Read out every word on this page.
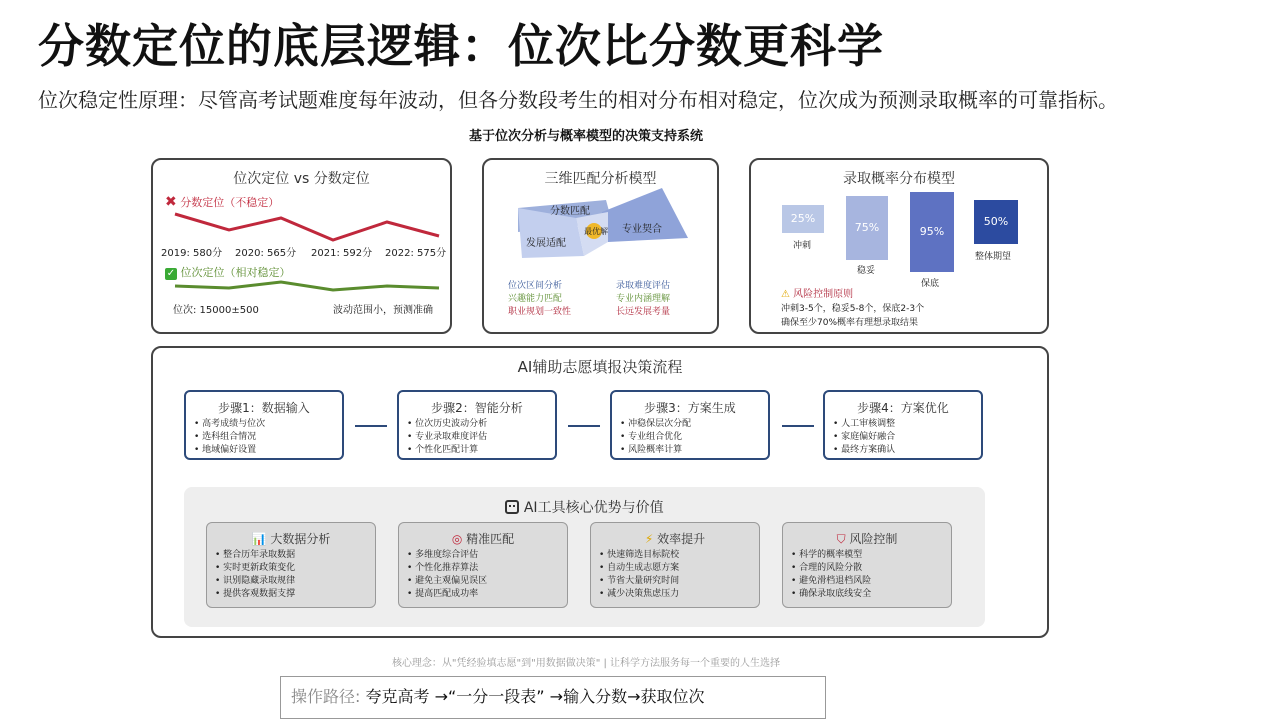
分数定位的底层逻辑：位次比分数更科学
位次稳定性原理：尽管高考试题难度每年波动，但各分数段考生的相对分布相对稳定，位次成为预测录取概率的可靠指标。
基于位次分析与概率模型的决策支持系统
位次定位 vs 分数定位
✖ 分数定位（不稳定）
2019: 580分 2020: 565分 2021: 592分 2022: 575分
✓ 位次定位（相对稳定）
位次: 15000±500	波动范围小，预测准确
三维匹配分析模型
分数匹配
发展适配
专业契合
最优解
位次区间分析
兴趣能力匹配
职业规划一致性
录取难度评估
专业内涵理解
长远发展考量
录取概率分布模型
25%
冲刺
75%
稳妥
95%
保底
50%
整体期望
⚠ 风险控制原则
冲刺3-5个，稳妥5-8个，保底2-3个
确保至少70%概率有理想录取结果
AI辅助志愿填报决策流程
步骤1：数据输入
• 高考成绩与位次
• 选科组合情况
• 地域偏好设置
步骤2：智能分析
• 位次历史波动分析
• 专业录取难度评估
• 个性化匹配计算
步骤3：方案生成
• 冲稳保层次分配
• 专业组合优化
• 风险概率计算
步骤4：方案优化
• 人工审核调整
• 家庭偏好融合
• 最终方案确认
AI工具核心优势与价值
📊 大数据分析
• 整合历年录取数据
• 实时更新政策变化
• 识别隐藏录取规律
• 提供客观数据支撑
◎ 精准匹配
• 多维度综合评估
• 个性化推荐算法
• 避免主观偏见误区
• 提高匹配成功率
⚡ 效率提升
• 快速筛选目标院校
• 自动生成志愿方案
• 节省大量研究时间
• 减少决策焦虑压力
⛉ 风险控制
• 科学的概率模型
• 合理的风险分散
• 避免滑档退档风险
• 确保录取底线安全
核心理念：从"凭经验填志愿"到"用数据做决策" | 让科学方法服务每一个重要的人生选择
操作路径: 夸克高考 →“一分一段表” →输入分数→获取位次
